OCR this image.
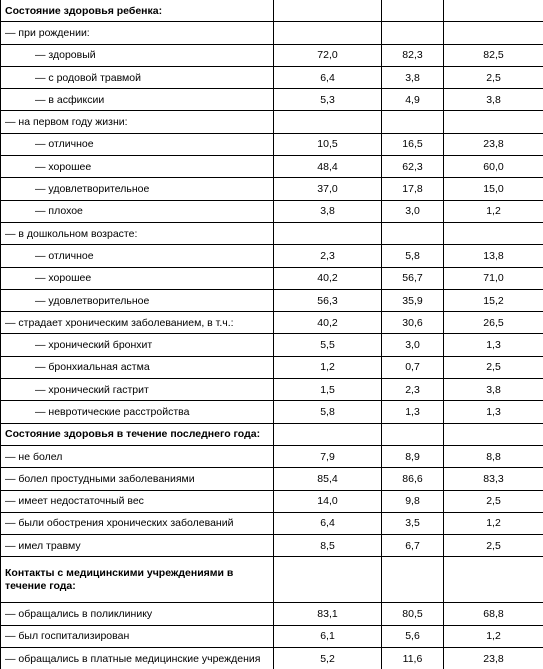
Состояние здоровья ребенка:			
— при рождении:			
— здоровый	72,0	82,3	82,5
— с родовой травмой	6,4	3,8	2,5
— в асфиксии	5,3	4,9	3,8
— на первом году жизни:			
— отличное	10,5	16,5	23,8
— хорошее	48,4	62,3	60,0
— удовлетворительное	37,0	17,8	15,0
— плохое	3,8	3,0	1,2
— в дошкольном возрасте:			
— отличное	2,3	5,8	13,8
— хорошее	40,2	56,7	71,0
— удовлетворительное	56,3	35,9	15,2
— страдает хроническим заболеванием, в т.ч.:	40,2	30,6	26,5
— хронический бронхит	5,5	3,0	1,3
— бронхиальная астма	1,2	0,7	2,5
— хронический гастрит	1,5	2,3	3,8
— невротические расстройства	5,8	1,3	1,3
Состояние здоровья в течение последнего года:			
— не болел	7,9	8,9	8,8
— болел простудными заболеваниями	85,4	86,6	83,3
— имеет недостаточный вес	14,0	9,8	2,5
— были обострения хронических заболеваний	6,4	3,5	1,2
— имел травму	8,5	6,7	2,5
Контакты с медицинскими учреждениями в течение года:			
— обращались в поликлинику	83,1	80,5	68,8
— был госпитализирован	6,1	5,6	1,2
— обращались в платные медицинские учреждения	5,2	11,6	23,8
